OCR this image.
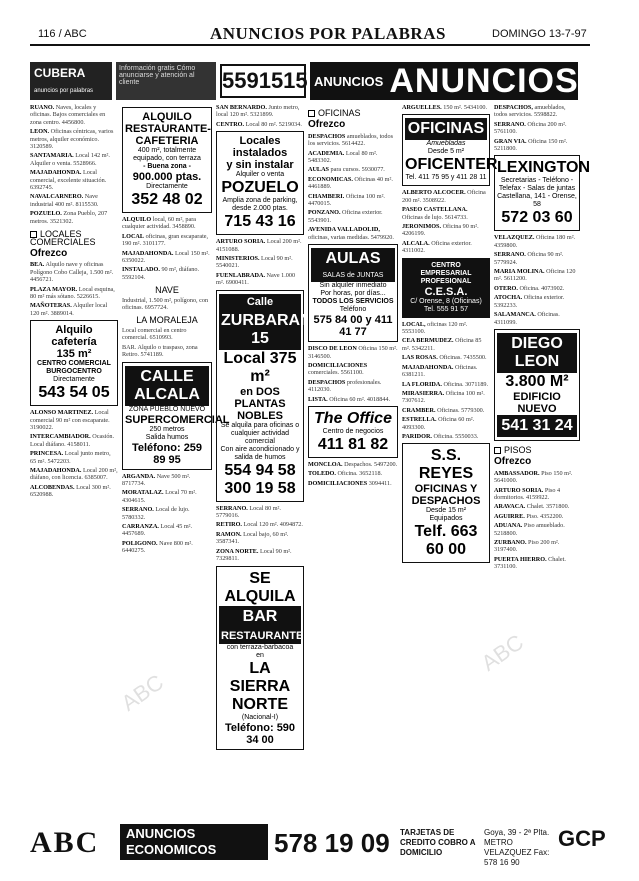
116 / ABC	ANUNCIOS POR PALABRAS	DOMINGO 13-7-97
CUBERA
anuncios por palabras
Información gratis Cómo anunciarse y atención al cliente	5591515 ANUNCIOS ANUNCIOS AN

RUANO. Naves, locales y oficinas. Bajos comerciales en zona centro. 4456800.

LEON. Oficinas céntricas, varios metros, alquiler económico. 3120589.

SANTAMARIA. Local 142 m². Alquiler o venta. 5528966.

MAJADAHONDA. Local comercial, excelente situación. 6392745.

NAVALCARNERO. Nave industrial 400 m². 8115530.

POZUELO. Zona Pueblo, 207 metros. 3521302.

LOCALES COMERCIALES
Ofrezco

BEA. Alquilo nave y oficinas Polígono Cobo Calleja, 1.500 m². 4456721.

PLAZA MAYOR. Local esquina, 80 m² más sótano. 5226615.

MAÑOTERAS. Alquiler local 120 m². 3889014.

Alquilo cafetería
135 m²
CENTRO COMERCIAL BURGOCENTRO
Directamente
543 54 05

ALONSO MARTINEZ. Local comercial 90 m² con escaparate. 3190022.

INTERCAMBIADOR. Ocasión. Local diáfano. 4158011.

PRINCESA. Local junto metro, 65 m². 5472203.

MAJADAHONDA. Local 200 m², diáfano, con licencia. 6385007.

ALCOBENDAS. Local 300 m². 6520988.

ALQUILO
RESTAURANTE-CAFETERIA
400 m², totalmente equipado, con terraza
- Buena zona -
900.000 ptas.
Directamente
352 48 02

ALQUILO local, 60 m², para cualquier actividad. 3458890.

LOCAL oficinas, gran escaparate, 190 m². 3101177.

MAJADAHONDA. Local 150 m². 6350022.

INSTALADO. 90 m², diáfano. 5592104.

NAVE

Industrial, 1.500 m², polígono, con oficinas. 6957724.

LA MORALEJA

Local comercial en centro comercial. 6510993.

BAR. Alquilo o traspaso, zona Retiro. 5741189.

CALLE ALCALA
ZONA PUEBLO NUEVO
SUPERCOMERCIAL
250 metros
Salida humos
Teléfono: 259 89 95

ARGANDA. Nave 500 m². 8717734.

MORATALAZ. Local 70 m². 4304615.

SERRANO. Local de lujo. 5780332.

CARRANZA. Local 45 m². 4457689.

POLIGONO. Nave 800 m². 6440275.

SAN BERNARDO. Junto metro, local 120 m². 5321899.

CENTRO. Local 80 m². 5219034.

Locales instalados
y sin instalar
Alquiler o venta
POZUELO
Amplia zona de parking, desde 2.000 ptas.
715 43 16

ARTURO SORIA. Local 200 m². 4151088.

MINISTERIOS. Local 90 m². 5540021.

FUENLABRADA. Nave 1.000 m². 6900411.

Calle
ZURBARAN, 15
Local 375 m²
en DOS PLANTAS NOBLES
Se alquila para oficinas o cualquier actividad comercial
Con aire acondicionado y salida de humos
554 94 58
300 19 58

SERRANO. Local 80 m². 5779016.

RETIRO. Local 120 m². 4094872.

RAMON. Local bajo, 60 m². 3587341.

ZONA NORTE. Local 90 m². 7329811.

SE ALQUILA
BAR
RESTAURANTE
con terraza-barbacoa
en
LA SIERRA NORTE
(Nacional-I)
Teléfono: 590 34 00
OFICINAS
Ofrezco

DESPACHOS amueblados, todos los servicios. 5614422.

ACADEMIA. Local 80 m². 5483302.

AULAS para cursos. 5930077.

ECONOMICAS. Oficinas 40 m². 4461889.

CHAMBERI. Oficina 100 m². 4470015.

PONZANO. Oficina exterior. 5543901.

AVENIDA VALLADOLID, oficinas, varias medidas. 5479920.

AULAS
SALAS de JUNTAS
Sin alquiler inmediato
Por horas, por días...
TODOS LOS SERVICIOS
Teléfono
575 84 00 y 411 41 77

DISCO DE LEON Oficina 150 m². 3146500.

DOMICILIACIONES comerciales. 5561100.

DESPACHOS profesionales. 4112030.

LISTA. Oficina 60 m². 4018844.

The Office
Centro de negocios
411 81 82

MONCLOA. Despachos. 5497200.

TOLEDO. Oficina. 3652118.

DOMICILIACIONES 3094411.

ARGUELLES. 150 m². 5434100.

OFICINAS
Amuebladas
Desde 5 m²
OFICENTER
Tel. 411 75 95 y 411 28 11

ALBERTO ALCOCER. Oficina 200 m². 3508922.

PASEO CASTELLANA. Oficinas de lujo. 5614733.

JERONIMOS. Oficina 90 m². 4206199.

ALCALA. Oficina exterior. 4311002.

CENTRO EMPRESARIAL PROFESIONAL
C.E.S.A.
C/ Orense, 8 (Oficinas)
Tel. 555 91 57

LOCAL, oficinas 120 m². 5553100.

CEA BERMUDEZ. Oficina 85 m². 5342211.

LAS ROSAS. Oficinas. 7435500.

MAJADAHONDA. Oficinas. 6381211.

LA FLORIDA. Oficina. 3071189.

MIRASIERRA. Oficina 100 m². 7307612.

CRAMBER. Oficinas. 5779300.

ESTRELLA. Oficina 60 m². 4093300.

PARIDOR. Oficina. 5550033.

S.S. REYES
OFICINAS Y DESPACHOS
Desde 15 m²
Equipados
Telf. 663 60 00

DESPACHOS, amueblados, todos servicios. 5598822.

SERRANO. Oficina 200 m². 5761100.

GRAN VIA. Oficina 150 m². 5211800.

LEXINGTON
Secretarias - Teléfono - Telefax - Salas de juntas
Castellana, 141 - Orense, 58
572 03 60

VELAZQUEZ. Oficina 180 m². 4359800.

SERRANO. Oficina 90 m². 5779924.

MARIA MOLINA. Oficina 120 m². 5611200.

OTERO. Oficina. 4073902.

ATOCHA. Oficina exterior. 5392233.

SALAMANCA. Oficinas. 4311099.

DIEGO LEON
3.800 M²
EDIFICIO NUEVO
541 31 24
PISOS
Ofrezco

AMBASSADOR. Piso 150 m². 5641000.

ARTURO SORIA. Piso 4 dormitorios. 4159922.

ARAVACA. Chalet. 3571800.

AGUIRRE. Piso. 4352200.

ADUANA. Piso amueblado. 5218800.

ZURBANO. Piso 200 m². 3197400.

PUERTA HIERRO. Chalet. 3731100.

ABC
ABC
ABC	ANUNCIOS ECONOMICOS	578 19 09 TARJETAS DE CREDITO COBRO A DOMICILIO
Goya, 39 - 2ª Plta. METRO VELAZQUEZ Fax: 578 16 90
GCP
